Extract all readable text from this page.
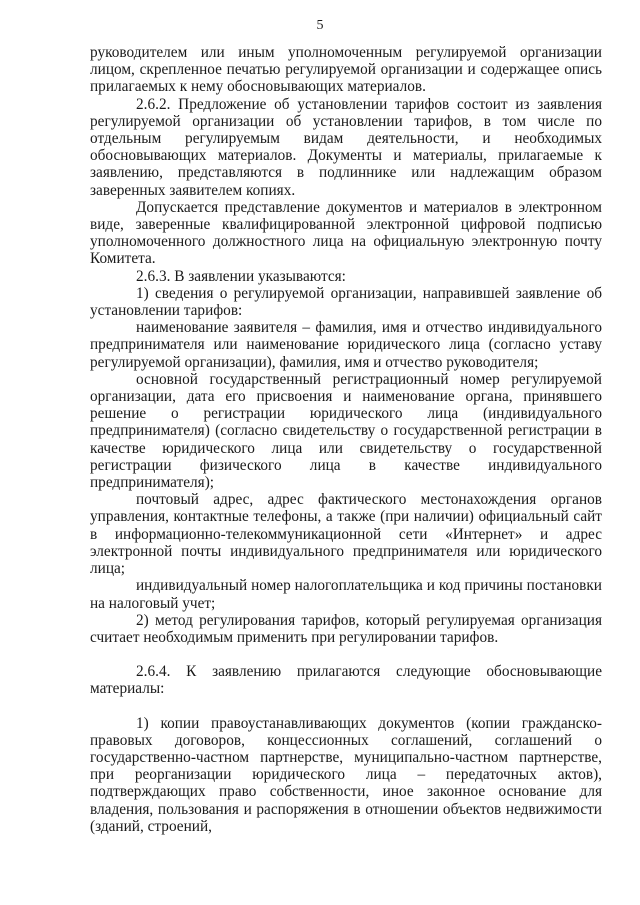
5

руководителем или иным уполномоченным регулируемой организации лицом, скрепленное печатью регулируемой организации и содержащее опись прилагаемых к нему обосновывающих материалов.

2.6.2. Предложение об установлении тарифов состоит из заявления регулируемой организации об установлении тарифов, в том числе по отдельным регулируемым видам деятельности, и необходимых обосновывающих материалов. Документы и материалы, прилагаемые к заявлению, представляются в подлиннике или надлежащим образом заверенных заявителем копиях.

Допускается представление документов и материалов в электронном виде, заверенные квалифицированной электронной цифровой подписью уполномоченного должностного лица на официальную электронную почту Комитета.

2.6.3. В заявлении указываются:

1) сведения о регулируемой организации, направившей заявление об установлении тарифов:

наименование заявителя – фамилия, имя и отчество индивидуального предпринимателя или наименование юридического лица (согласно уставу регулируемой организации), фамилия, имя и отчество руководителя;

основной государственный регистрационный номер регулируемой организации, дата его присвоения и наименование органа, принявшего решение о регистрации юридического лица (индивидуального предпринимателя) (согласно свидетельству о государственной регистрации в качестве юридического лица или свидетельству о государственной регистрации физического лица в качестве индивидуального предпринимателя);

почтовый адрес, адрес фактического местонахождения органов управления, контактные телефоны, а также (при наличии) официальный сайт в информационно-телекоммуникационной сети «Интернет» и адрес электронной почты индивидуального предпринимателя или юридического лица;

индивидуальный номер налогоплательщика и код причины постановки на налоговый учет;

2) метод регулирования тарифов, который регулируемая организация считает необходимым применить при регулировании тарифов.

2.6.4. К заявлению прилагаются следующие обосновывающие материалы:

1) копии правоустанавливающих документов (копии гражданско-правовых договоров, концессионных соглашений, соглашений о государственно-частном партнерстве, муниципально-частном партнерстве, при реорганизации юридического лица – передаточных актов), подтверждающих право собственности, иное законное основание для владения, пользования и распоряжения в отношении объектов недвижимости (зданий, строений,
